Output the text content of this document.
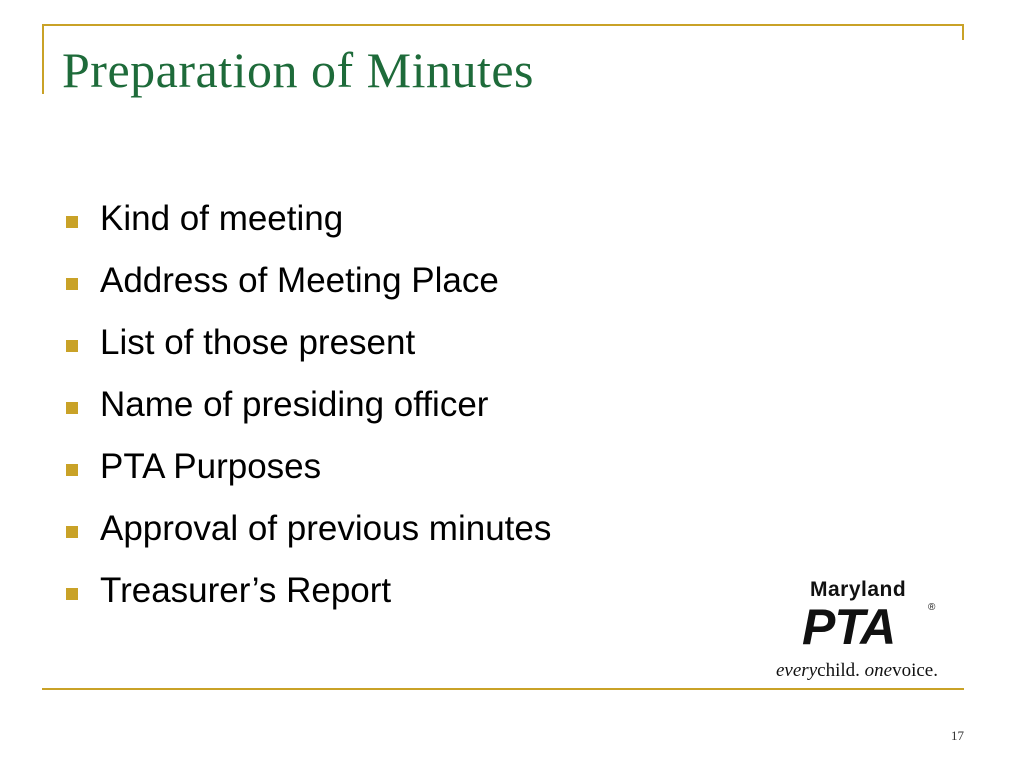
Preparation of Minutes
Kind of meeting
Address of Meeting Place
List of those present
Name of presiding officer
PTA Purposes
Approval of previous minutes
Treasurer’s Report	Maryland
PTA	®
everychild. onevoice.
17
